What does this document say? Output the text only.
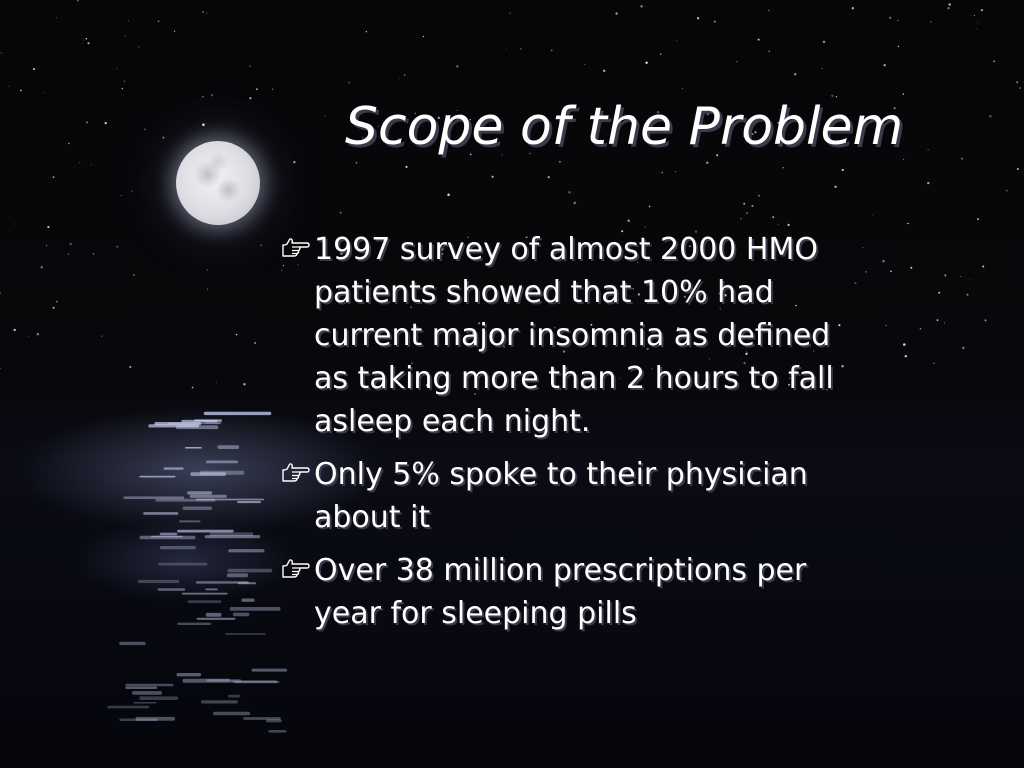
Scope of the Problem
1997 survey of almost 2000 HMO
patients showed that 10% had
current major insomnia as defined
as taking more than 2 hours to fall
asleep each night.
Only 5% spoke to their physician
about it
Over 38 million prescriptions per
year for sleeping pills
